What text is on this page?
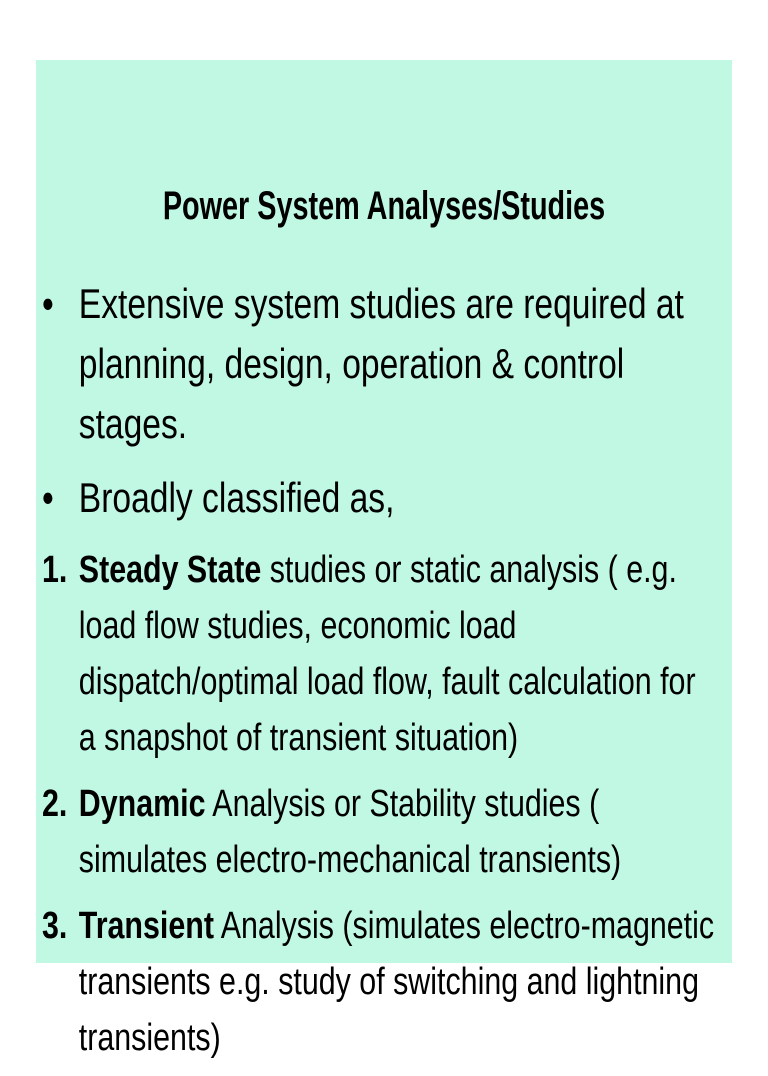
Power System Analyses/Studies
• Extensive system studies are required at planning, design, operation & control stages.
• Broadly classified as,
1. Steady State studies or static analysis ( e.g. load flow studies, economic load dispatch/optimal load flow, fault calculation for a snapshot of transient situation)
2. Dynamic Analysis or Stability studies ( simulates electro-mechanical transients)
3. Transient Analysis (simulates electro-magnetic transients e.g. study of switching and lightning transients)
